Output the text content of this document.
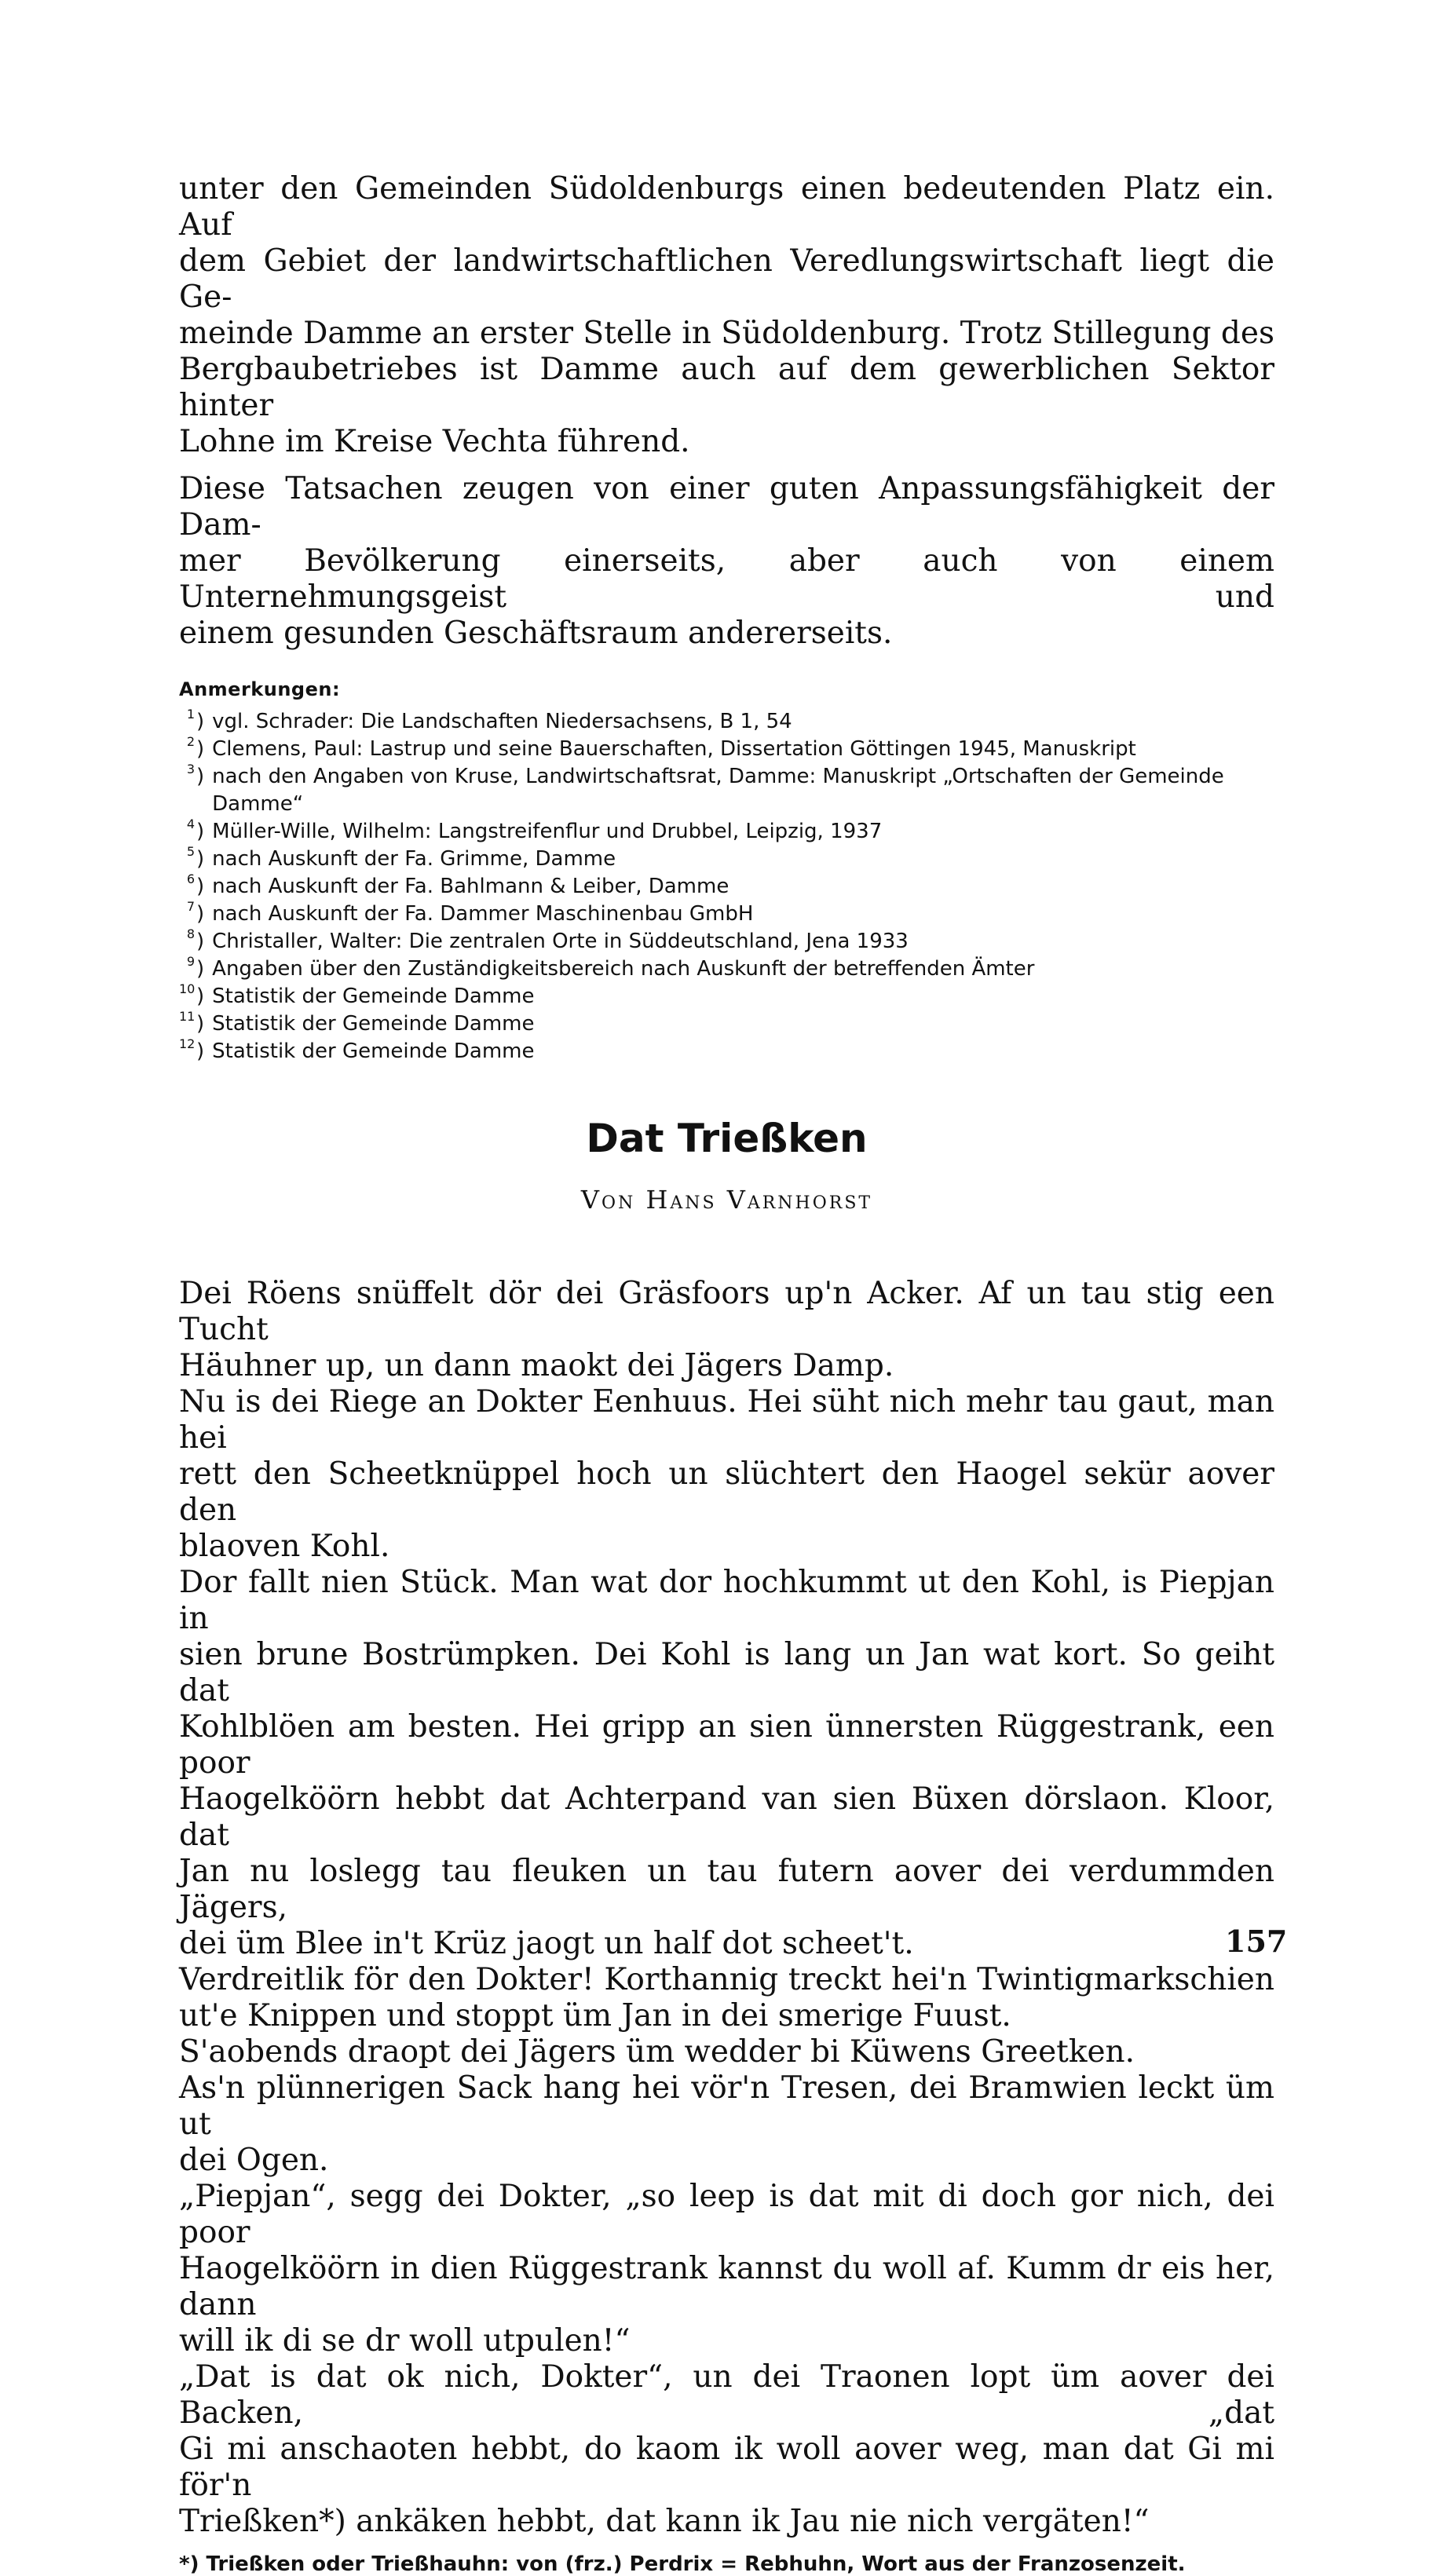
unter den Gemeinden Südoldenburgs einen bedeutenden Platz ein. Auf
dem Gebiet der landwirtschaftlichen Veredlungswirtschaft liegt die Ge-
meinde Damme an erster Stelle in Südoldenburg. Trotz Stillegung des
Bergbaubetriebes ist Damme auch auf dem gewerblichen Sektor hinter
Lohne im Kreise Vechta führend.
Diese Tatsachen zeugen von einer guten Anpassungsfähigkeit der Dam-
mer Bevölkerung einerseits, aber auch von einem Unternehmungsgeist und
einem gesunden Geschäftsraum andererseits.
Anmerkungen:
1 ) vgl. Schrader: Die Landschaften Niedersachsens, B 1, 54
2 ) Clemens, Paul: Lastrup und seine Bauerschaften, Dissertation Göttingen 1945, Manuskript
3 ) nach den Angaben von Kruse, Landwirtschaftsrat, Damme: Manuskript „Ortschaften der Gemeinde Damme“
4 ) Müller-Wille, Wilhelm: Langstreifenflur und Drubbel, Leipzig, 1937
5 ) nach Auskunft der Fa. Grimme, Damme
6 ) nach Auskunft der Fa. Bahlmann & Leiber, Damme
7 ) nach Auskunft der Fa. Dammer Maschinenbau GmbH
8 ) Christaller, Walter: Die zentralen Orte in Süddeutschland, Jena 1933
9 ) Angaben über den Zuständigkeitsbereich nach Auskunft der betreffenden Ämter
10 ) Statistik der Gemeinde Damme
11 ) Statistik der Gemeinde Damme
12 ) Statistik der Gemeinde Damme
Dat Trießken
Von Hans Varnhorst
Dei Röens snüffelt dör dei Gräsfoors up'n Acker. Af un tau stig een Tucht
Häuhner up, un dann maokt dei Jägers Damp.
Nu is dei Riege an Dokter Eenhuus. Hei süht nich mehr tau gaut, man hei
rett den Scheetknüppel hoch un slüchtert den Haogel sekür aover den
blaoven Kohl.
Dor fallt nien Stück. Man wat dor hochkummt ut den Kohl, is Piepjan in
sien brune Bostrümpken. Dei Kohl is lang un Jan wat kort. So geiht dat
Kohlblöen am besten. Hei gripp an sien ünnersten Rüggestrank, een poor
Haogelköörn hebbt dat Achterpand van sien Büxen dörslaon. Kloor, dat
Jan nu loslegg tau fleuken un tau futern aover dei verdummden Jägers,
dei üm Blee in't Krüz jaogt un half dot scheet't.
Verdreitlik för den Dokter! Korthannig treckt hei'n Twintigmarkschien
ut'e Knippen und stoppt üm Jan in dei smerige Fuust.
S'aobends draopt dei Jägers üm wedder bi Küwens Greetken.
As'n plünnerigen Sack hang hei vör'n Tresen, dei Bramwien leckt üm ut
dei Ogen.
„Piepjan“, segg dei Dokter, „so leep is dat mit di doch gor nich, dei poor
Haogelköörn in dien Rüggestrank kannst du woll af. Kumm dr eis her, dann
will ik di se dr woll utpulen!“
„Dat is dat ok nich, Dokter“, un dei Traonen lopt üm aover dei Backen, „dat
Gi mi anschaoten hebbt, do kaom ik woll aover weg, man dat Gi mi för'n
Trießken*) ankäken hebbt, dat kann ik Jau nie nich vergäten!“
*) Trießken oder Trießhauhn: von (frz.) Perdrix = Rebhuhn, Wort aus der Franzosenzeit.
157
